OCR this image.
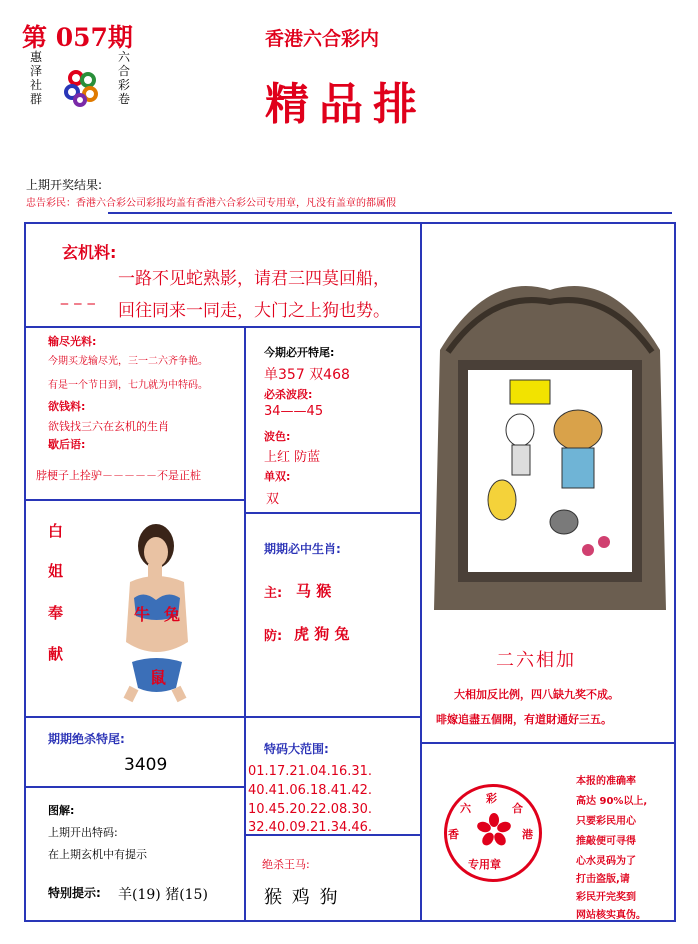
第 057期
惠泽社群
六合彩卷
香港六合彩内
精品排
上期开奖结果:
忠告彩民：香港六合彩公司彩报均盖有香港六合彩公司专用章，凡没有盖章的都属假
玄机料:
一路不见蛇熟影，请君三四莫回船，
‒ ‒ ‒ 回往同来一同走，大门之上狗也势。
输尽光料:
今期买龙输尽光，三一二六齐争艳。
有是一个节日到，七九就为中特码。
欲钱料:
欲钱找三六在玄机的生肖
歇后语:
脖梗子上拴驴－－－－－不是正桩
今期必开特尾:
单357 双468
必杀波段:
34——45
波色:
上红 防蓝
单双:
双
白
姐
奉
献
牛 兔
鼠
期期必中生肖:
主: 马 猴
防: 虎 狗 兔
二六相加
大相加反比例，四八缺九奖不成。
啡嫁追盡五個開，有道財通好三五。
期期绝杀特尾:
3409
特码大范围:
01.17.21.04.16.31.
40.41.06.18.41.42.
10.45.20.22.08.30.
32.40.09.21.34.46.
图解:
上期开出特码:
在上期玄机中有提示
特别提示: 羊(19) 猪(15)
绝杀王马:
猴 鸡 狗
六
彩
合
香	港
专用章
本报的准确率
高达 90%以上,
只要彩民用心
推敲便可寻得
心水灵码为了
打击盗版,请
彩民开完奖到
网站核实真伪。
